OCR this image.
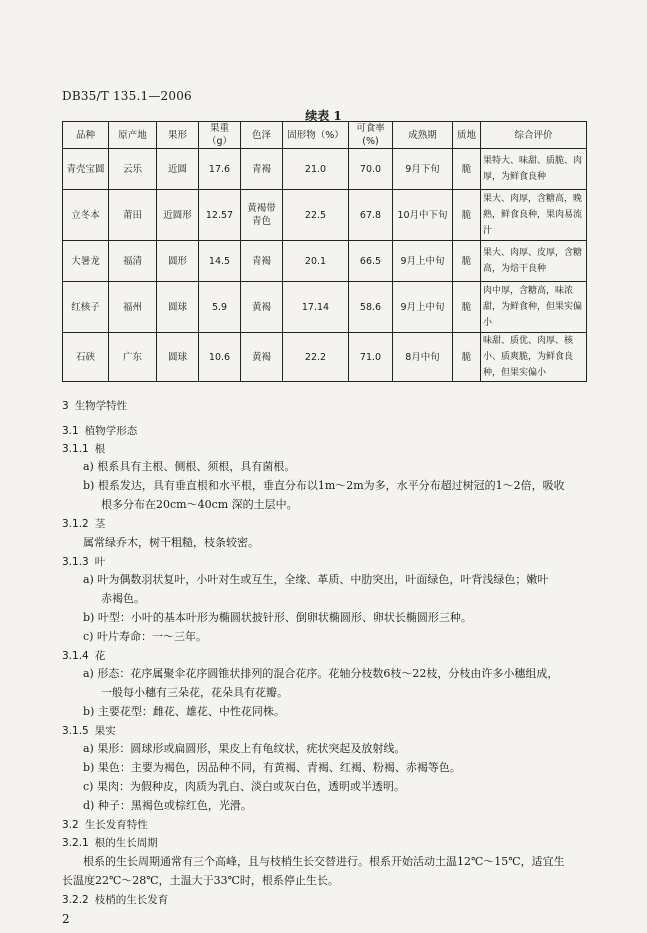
DB35/T 135.1—2006
续表 1
品种	原产地	果形	果重（g）	色泽	固形物（%）	可食率(%)	成熟期	质地	综合评价
青壳宝圆	云乐	近圆	17.6	青褐	21.0	70.0	9月下旬	脆	果特大、味甜、质脆、肉厚，为鲜食良种
立冬本	莆田	近圆形	12.57	黄褐带青色	22.5	67.8	10月中下旬	脆	果大、肉厚，含糖高，晚熟，鲜食良种，果肉易流汁
大暑龙	福清	圆形	14.5	青褐	20.1	66.5	9月上中旬	脆	果大、肉厚、皮厚，含糖高，为焙干良种
红核子	福州	圆球	5.9	黄褐	17.14	58.6	9月上中旬	脆	肉中厚，含糖高，味浓甜，为鲜食种，但果实偏小
石硖	广东	圆球	10.6	黄褐	22.2	71.0	8月中旬	脆	味甜、质优、肉厚、核小、质爽脆，为鲜食良种，但果实偏小
3 生物学特性
3.1 植物学形态
3.1.1 根
a) 根系具有主根、侧根、须根，具有菌根。
b) 根系发达，具有垂直根和水平根，垂直分布以1m～2m为多，水平分布超过树冠的1～2倍，吸收
根多分布在20cm～40cm 深的土层中。
3.1.2 茎
属常绿乔木，树干粗糙，枝条较密。
3.1.3 叶
a) 叶为偶数羽状复叶，小叶对生或互生，全缘、革质、中肋突出，叶面绿色，叶背浅绿色；嫩叶
赤褐色。
b) 叶型：小叶的基本叶形为椭圆状披针形、倒卵状椭圆形、卵状长椭圆形三种。
c) 叶片寿命：一～三年。
3.1.4 花
a) 形态：花序属聚伞花序圆锥状排列的混合花序。花轴分枝数6枝～22枝，分枝由许多小穗组成，
一般每小穗有三朵花，花朵具有花瓣。
b) 主要花型：雌花、雄花、中性花同株。
3.1.5 果实
a) 果形：圆球形或扁圆形，果皮上有龟纹状，疣状突起及放射线。
b) 果色：主要为褐色，因品种不同，有黄褐、青褐、红褐、粉褐、赤褐等色。
c) 果肉：为假种皮，肉质为乳白、淡白或灰白色，透明或半透明。
d) 种子：黑褐色或棕红色，光滑。
3.2 生长发育特性
3.2.1 根的生长周期
根系的生长周期通常有三个高峰，且与枝梢生长交替进行。根系开始活动土温12℃～15℃，适宜生
长温度22℃～28℃，土温大于33℃时，根系停止生长。
3.2.2 枝梢的生长发育
2
